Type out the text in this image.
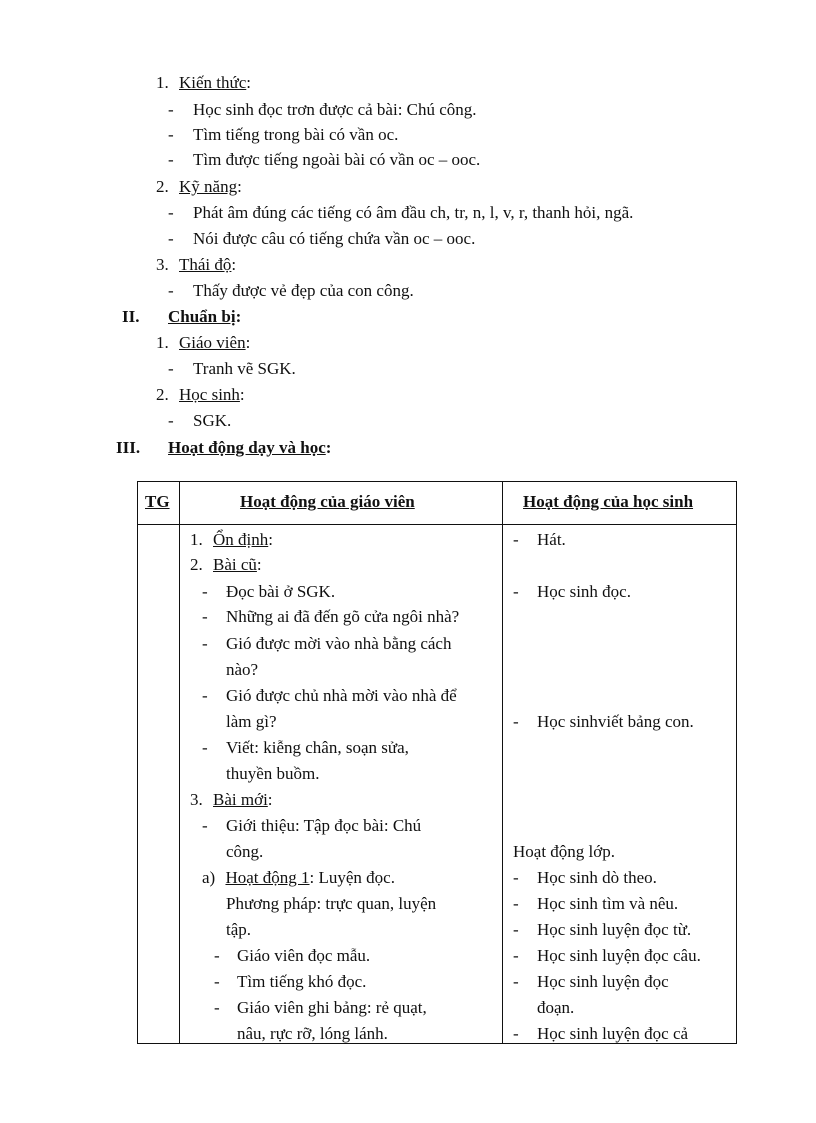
1. Kiến thức:
- Học sinh đọc trơn được cả bài: Chú công.
- Tìm tiếng trong bài có vần oc.
- Tìm được tiếng ngoài bài có vần oc – ooc.
2. Kỹ năng:
- Phát âm đúng các tiếng có âm đầu ch, tr, n, l, v, r, thanh hỏi, ngã.
- Nói được câu có tiếng chứa vần oc – ooc.
3. Thái độ:
- Thấy được vẻ đẹp của con công.
II. Chuẩn bị:
1. Giáo viên:
- Tranh vẽ SGK.
2. Học sinh:
- SGK.
III. Hoạt động dạy và học:
TG	Hoạt động của giáo viên	Hoạt động của học sinh
1. Ổn định:
2. Bài cũ:
- Đọc bài ở SGK.
- Những ai đã đến gõ cửa ngôi nhà?
- Gió được mời vào nhà bằng cách
nào?
- Gió được chủ nhà mời vào nhà để
làm gì?
- Viết: kiễng chân, soạn sửa,
thuyền buồm.
3. Bài mới:
- Giới thiệu: Tập đọc bài: Chú
công.
a) Hoạt động 1: Luyện đọc.
Phương pháp: trực quan, luyện
tập.
- Giáo viên đọc mẫu.
- Tìm tiếng khó đọc.
- Giáo viên ghi bảng: rẻ quạt,
nâu, rực rỡ, lóng lánh.
- Hát.
- Học sinh đọc.
- Học sinhviết bảng con.
Hoạt động lớp.
- Học sinh dò theo.
- Học sinh tìm và nêu.
- Học sinh luyện đọc từ.
- Học sinh luyện đọc câu.
- Học sinh luyện đọc
đoạn.
- Học sinh luyện đọc cả
